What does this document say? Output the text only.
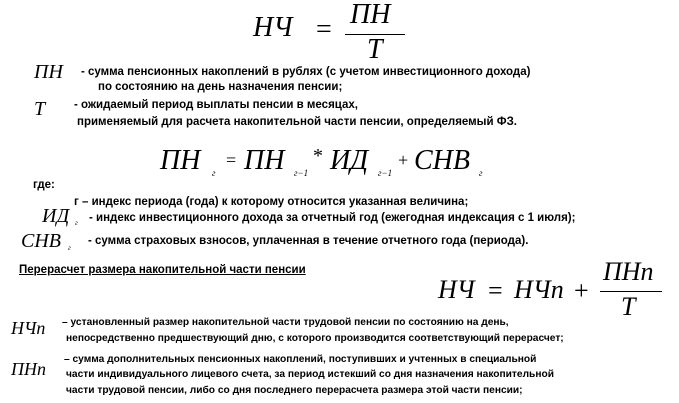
НЧ = ПН
Т
ПН - сумма пенсионных накоплений в рублях (с учетом инвестиционного дохода)
по состоянию на день назначения пенсии;
Т	- ожидаемый период выплаты пенсии в месяцах,
применяемый для расчета накопительной части пенсии, определяемый ФЗ.
ПН г
= ПН г−1
* ИД г−1
+ СНВ г
где:
г – индекс периода (года) к которому относится указанная величина;
ИД г - индекс инвестиционного дохода за отчетный год (ежегодная индексация с 1 июля);
СНВ г
- сумма страховых взносов, уплаченная в течение отчетного года (периода).
Перерасчет размера накопительной части пенсии
НЧ = НЧп +
ПНп
Т
НЧп – установленный размер накопительной части трудовой пенсии по состоянию на день,
непосредственно предшествующий дню, с которого производится соответствующий перерасчет;
ПНп – сумма дополнительных пенсионных накоплений, поступивших и учтенных в специальной
части индивидуального лицевого счета, за период истекший со дня назначения накопительной
части трудовой пенсии, либо со дня последнего перерасчета размера этой части пенсии;
